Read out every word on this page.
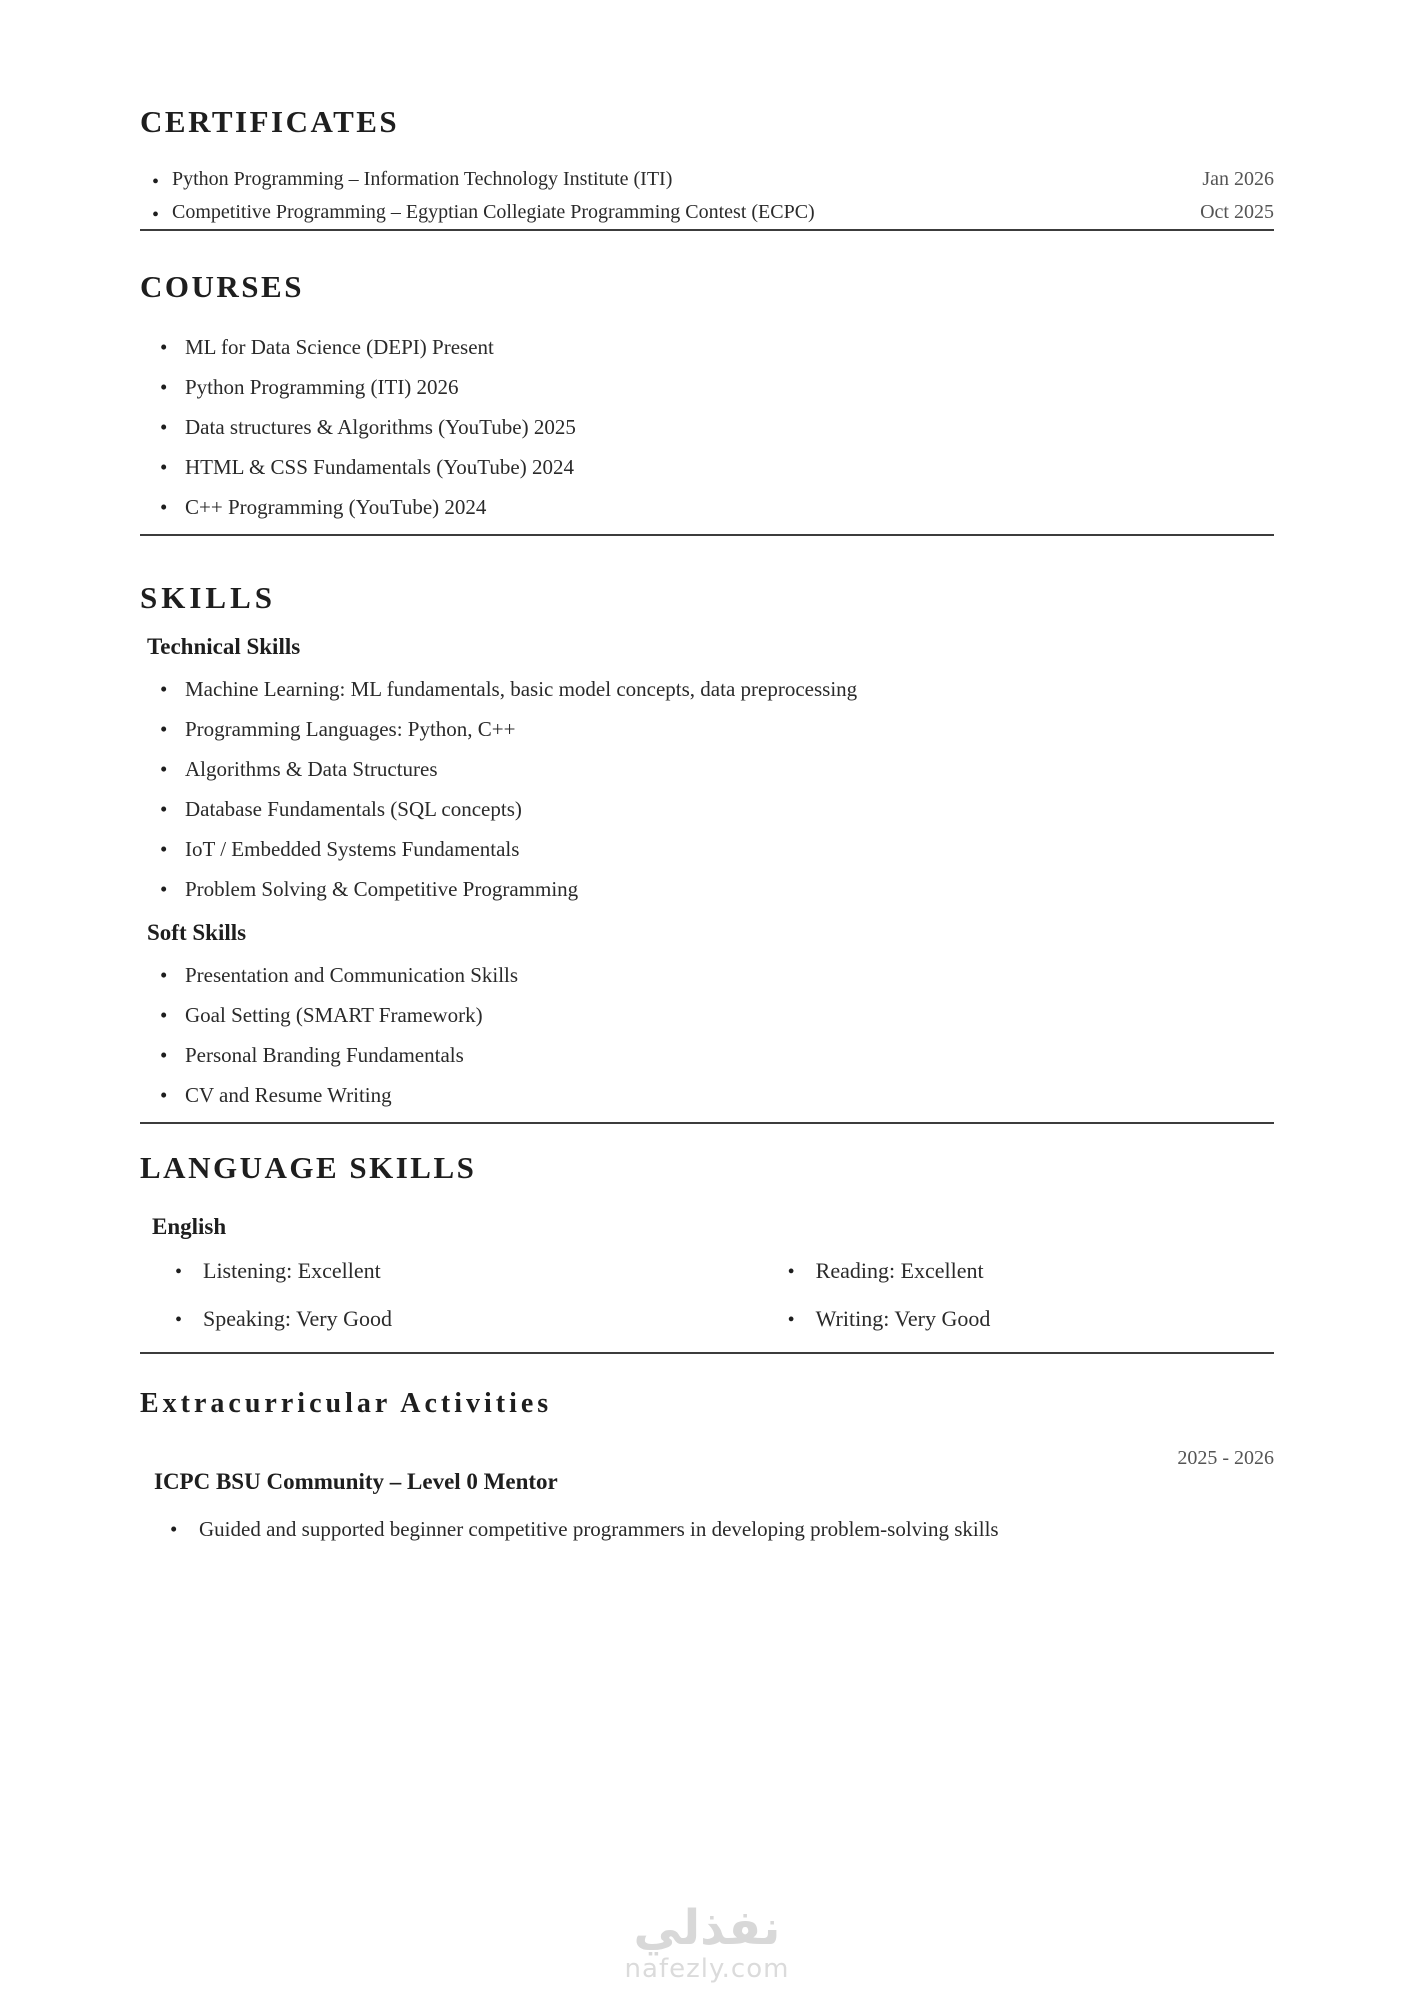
CERTIFICATES
• Python Programming – Information Technology Institute (ITI)	Jan 2026
• Competitive Programming – Egyptian Collegiate Programming Contest (ECPC)	Oct 2025
COURSES
• ML for Data Science (DEPI) Present
• Python Programming (ITI) 2026
• Data structures & Algorithms (YouTube) 2025
• HTML & CSS Fundamentals (YouTube) 2024
• C++ Programming (YouTube) 2024
SKILLS
Technical Skills
• Machine Learning: ML fundamentals, basic model concepts, data preprocessing
• Programming Languages: Python, C++
• Algorithms & Data Structures
• Database Fundamentals (SQL concepts)
• IoT / Embedded Systems Fundamentals
• Problem Solving & Competitive Programming
Soft Skills
• Presentation and Communication Skills
• Goal Setting (SMART Framework)
• Personal Branding Fundamentals
• CV and Resume Writing
LANGUAGE SKILLS
English
• Listening: Excellent
• Speaking: Very Good
• Reading: Excellent
• Writing: Very Good
Extracurricular Activities
2025 - 2026
ICPC BSU Community – Level 0 Mentor
• Guided and supported beginner competitive programmers in developing problem-solving skills
نفذلي
nafezly.com
